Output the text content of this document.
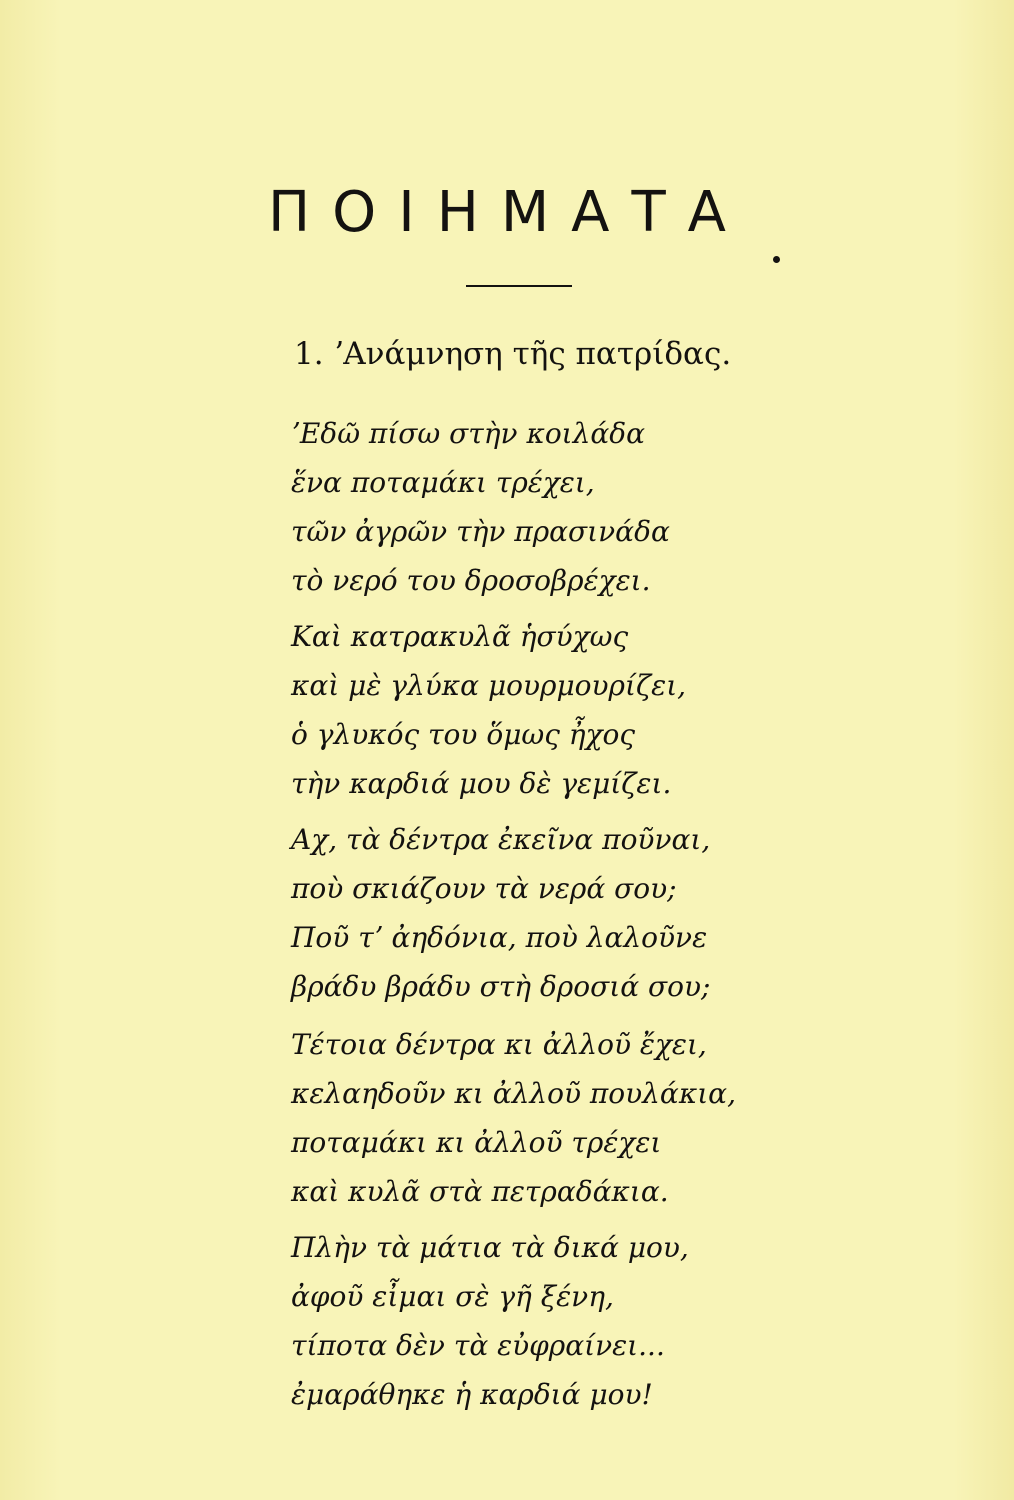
ΠΟΙΗΜΑΤΑ
1. ʼΑνάμνηση τῆς πατρίδας.
ʼΕδῶ πίσω στὴν κοιλάδα
ἕνα ποταμάκι τρέχει,
τῶν ἀγρῶν τὴν πρασινάδα
τὸ νερό του δροσοβρέχει.
Καὶ κατρακυλᾶ ἡσύχως
καὶ μὲ γλύκα μουρμουρίζει,
ὁ γλυκός του ὅμως ἦχος
τὴν καρδιά μου δὲ γεμίζει.
Αχ, τὰ δέντρα ἐκεῖνα ποῦναι,
ποὺ σκιάζουν τὰ νερά σου;
Ποῦ τʼ ἀηδόνια, ποὺ λαλοῦνε
βράδυ βράδυ στὴ δροσιά σου;
Τέτοια δέντρα κι ἀλλοῦ ἔχει,
κελαηδοῦν κι ἀλλοῦ πουλάκια,
ποταμάκι κι ἀλλοῦ τρέχει
καὶ κυλᾶ στὰ πετραδάκια.
Πλὴν τὰ μάτια τὰ δικά μου,
ἀφοῦ εἶμαι σὲ γῆ ξένη,
τίποτα δὲν τὰ εὐφραίνει...
ἐμαράθηκε ἡ καρδιά μου!
